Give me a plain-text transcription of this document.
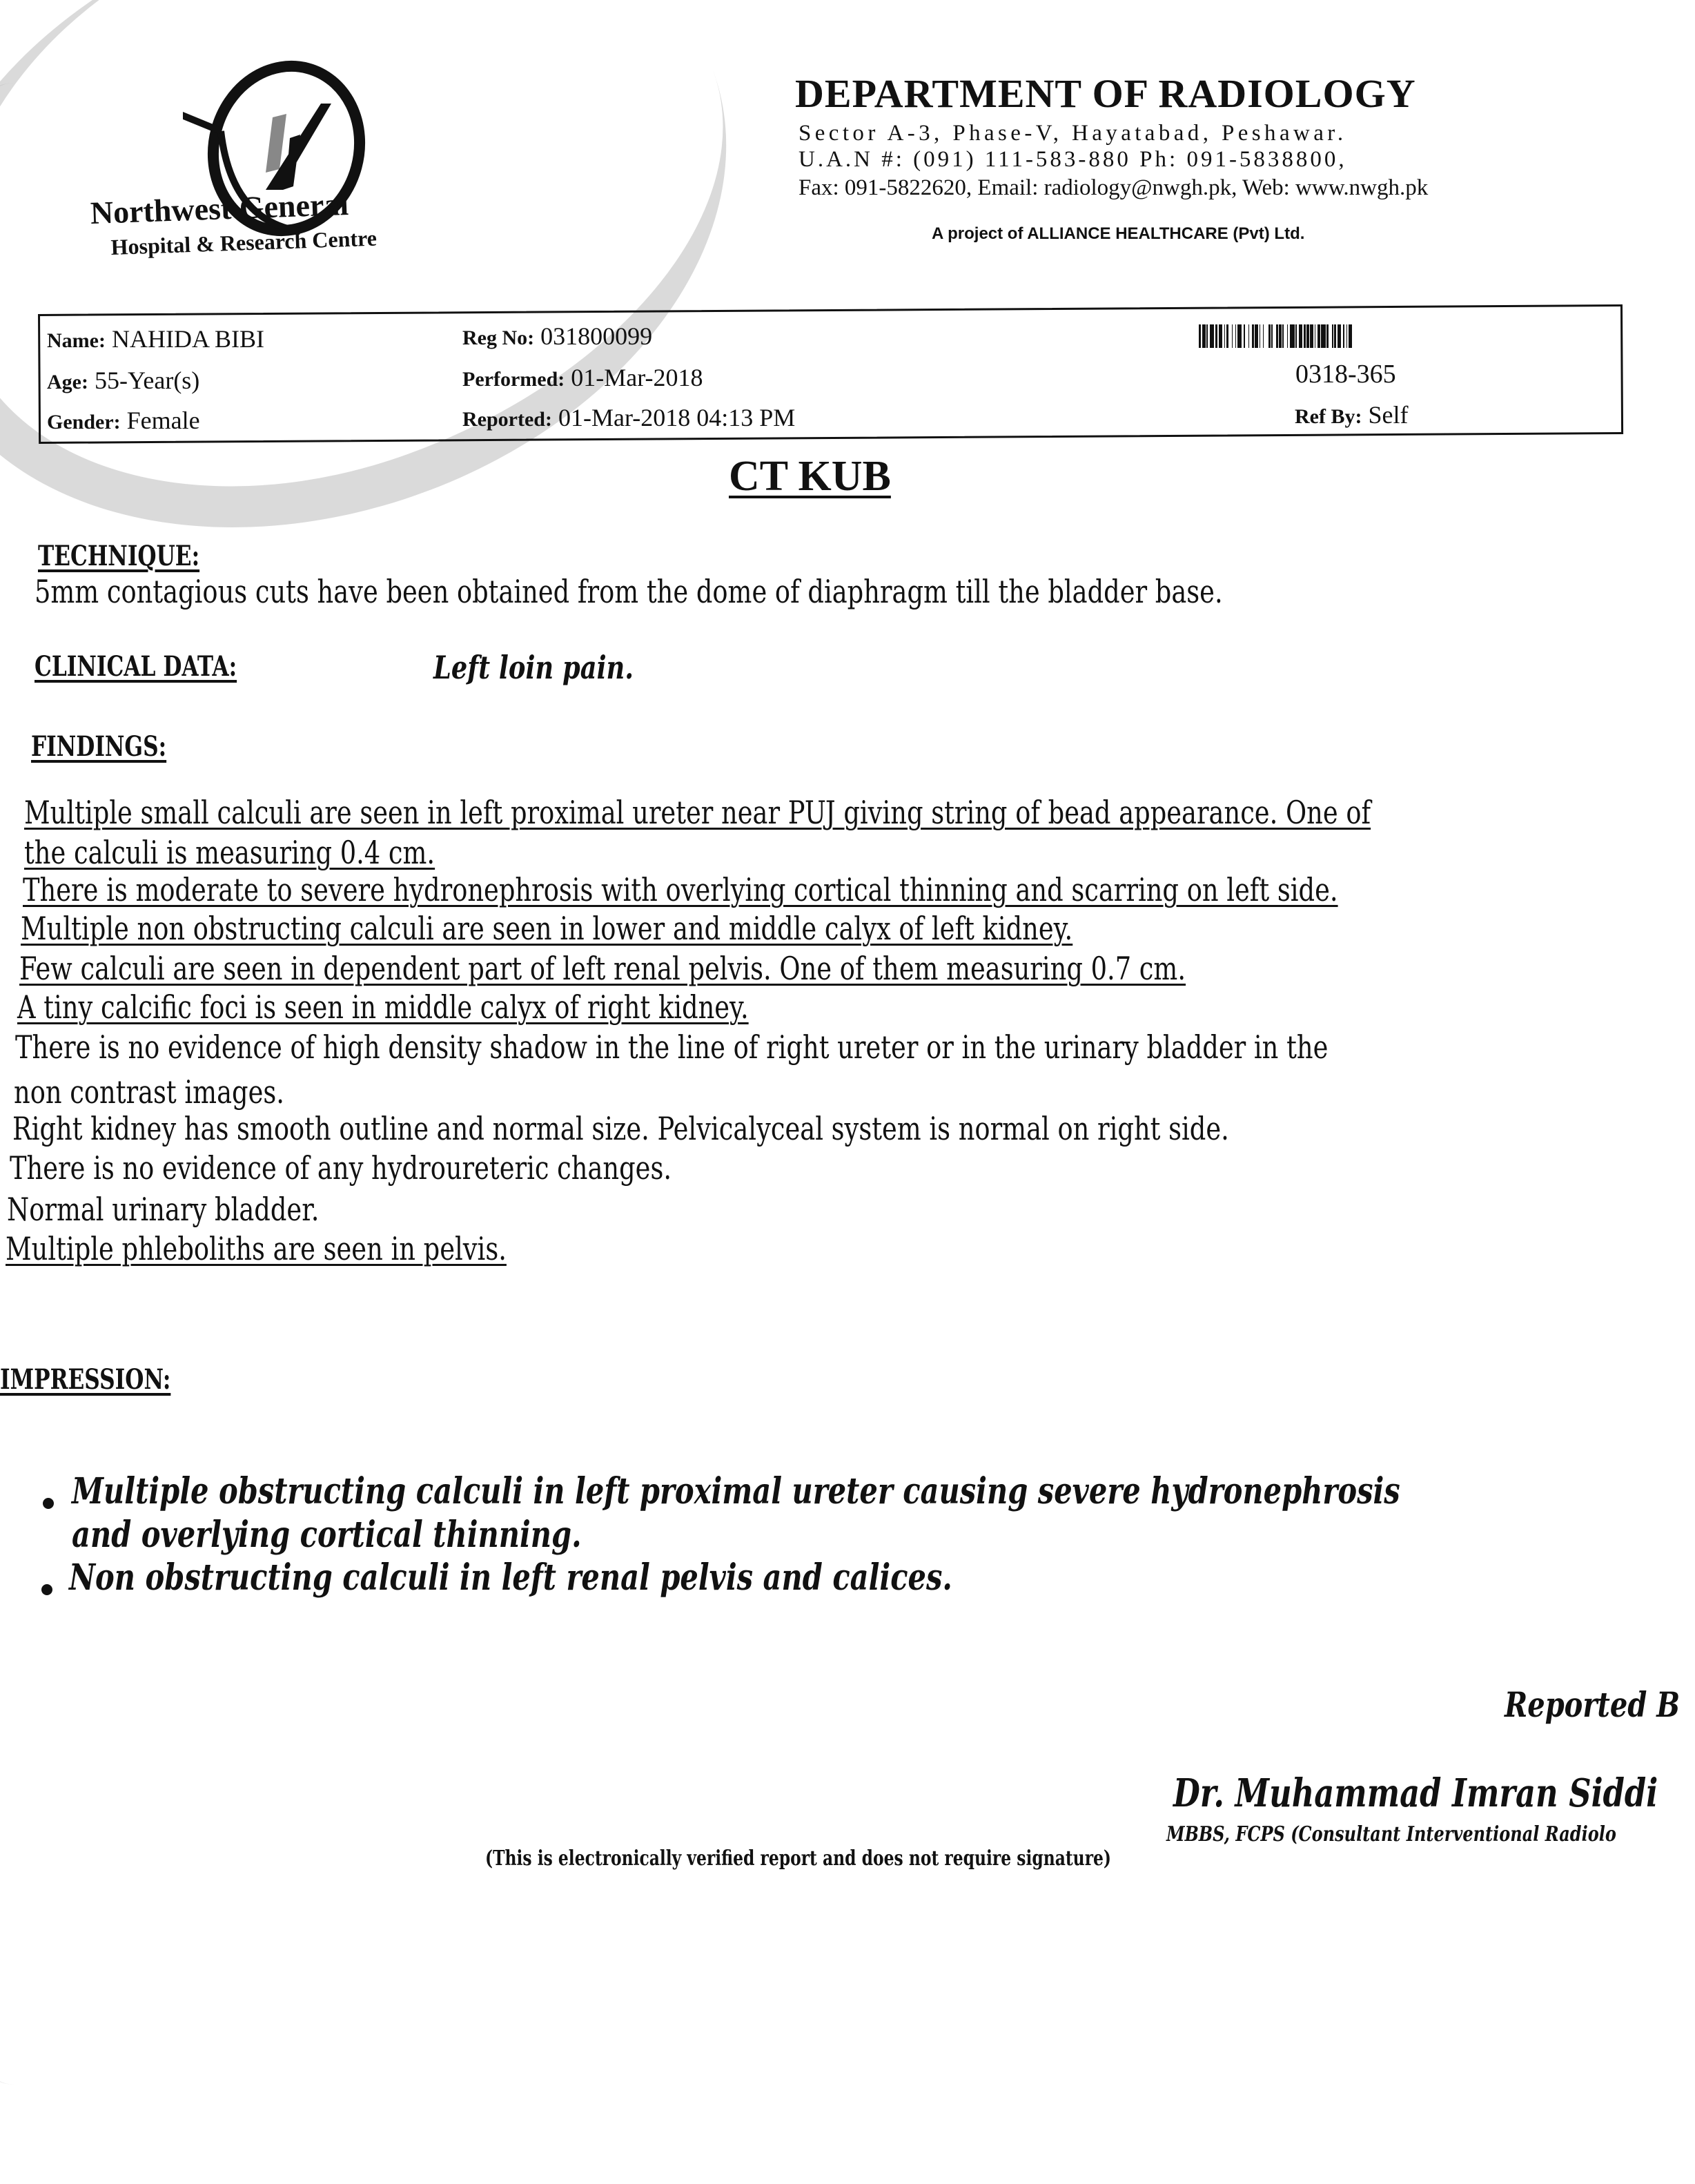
Northwest General
Hospital & Research Centre
DEPARTMENT OF RADIOLOGY
Sector A-3, Phase-V, Hayatabad, Peshawar.
U.A.N #: (091) 111-583-880 Ph: 091-5838800,
Fax: 091-5822620, Email: radiology@nwgh.pk, Web: www.nwgh.pk
A project of ALLIANCE HEALTHCARE (Pvt) Ltd.
Name: NAHIDA BIBI
Age: 55-Year(s)
Gender: Female
Reg No: 031800099
Performed: 01-Mar-2018
Reported: 01-Mar-2018 04:13 PM
0318-365
Ref By: Self
CT KUB
TECHNIQUE:
5mm contagious cuts have been obtained from the dome of diaphragm till the bladder base.
CLINICAL DATA:	Left loin pain.
FINDINGS:
Multiple small calculi are seen in left proximal ureter near PUJ giving string of bead appearance. One of
the calculi is measuring 0.4 cm.
There is moderate to severe hydronephrosis with overlying cortical thinning and scarring on left side.
Multiple non obstructing calculi are seen in lower and middle calyx of left kidney.
Few calculi are seen in dependent part of left renal pelvis. One of them measuring 0.7 cm.
A tiny calcific foci is seen in middle calyx of right kidney.
There is no evidence of high density shadow in the line of right ureter or in the urinary bladder in the
non contrast images.
Right kidney has smooth outline and normal size. Pelvicalyceal system is normal on right side.
There is no evidence of any hydroureteric changes.
Normal urinary bladder.
Multiple phleboliths are seen in pelvis.
IMPRESSION:
Multiple obstructing calculi in left proximal ureter causing severe hydronephrosis
and overlying cortical thinning.
Non obstructing calculi in left renal pelvis and calices.
Reported B
Dr. Muhammad Imran Siddi
MBBS, FCPS (Consultant Interventional Radiolo
(This is electronically verified report and does not require signature)
